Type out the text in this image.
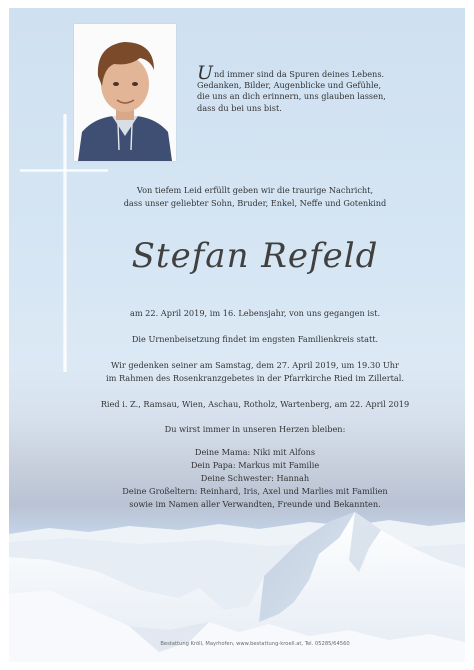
Und immer sind da Spuren deines Lebens.
Gedanken, Bilder, Augenblicke und Gefühle,
die uns an dich erinnern, uns glauben lassen,
dass du bei uns bist.
Von tiefem Leid erfüllt geben wir die traurige Nachricht,
dass unser geliebter Sohn, Bruder, Enkel, Neffe und Gotenkind
Stefan Refeld
am 22. April 2019, im 16. Lebensjahr, von uns gegangen ist.
Die Urnenbeisetzung findet im engsten Familienkreis statt.
Wir gedenken seiner am Samstag, dem 27. April 2019, um 19.30 Uhr
im Rahmen des Rosenkranzgebetes in der Pfarrkirche Ried im Zillertal.
Ried i. Z., Ramsau, Wien, Aschau, Rotholz, Wartenberg, am 22. April 2019
Du wirst immer in unseren Herzen bleiben:
Deine Mama: Niki mit Alfons
Dein Papa: Markus mit Familie
Deine Schwester: Hannah
Deine Großeltern: Reinhard, Iris, Axel und Marlies mit Familien
sowie im Namen aller Verwandten, Freunde und Bekannten.
Bestattung Kröll, Mayrhofen, www.bestattung-kroell.at, Tel. 05285/64560
